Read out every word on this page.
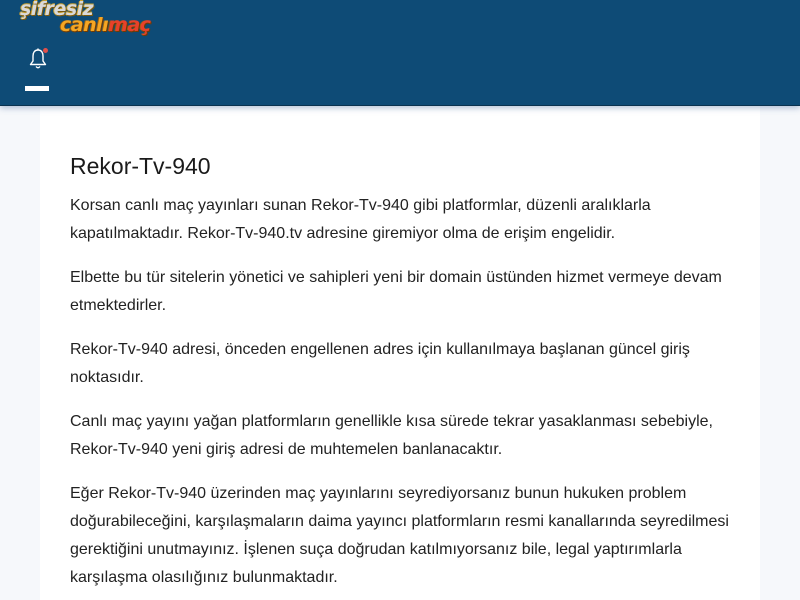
şifresiz
canlımaç
Rekor-Tv-940

Korsan canlı maç yayınları sunan Rekor-Tv-940 gibi platformlar, düzenli aralıklarla kapatılmaktadır. Rekor-Tv-940.tv adresine giremiyor olma de erişim engelidir.

Elbette bu tür sitelerin yönetici ve sahipleri yeni bir domain üstünden hizmet vermeye devam etmektedirler.

Rekor-Tv-940 adresi, önceden engellenen adres için kullanılmaya başlanan güncel giriş noktasıdır.

Canlı maç yayını yağan platformların genellikle kısa sürede tekrar yasaklanması sebebiyle, Rekor-Tv-940 yeni giriş adresi de muhtemelen banlanacaktır.

Eğer Rekor-Tv-940 üzerinden maç yayınlarını seyrediyorsanız bunun hukuken problem doğurabileceğini, karşılaşmaların daima yayıncı platformların resmi kanallarında seyredilmesi gerektiğini unutmayınız. İşlenen suça doğrudan katılmıyorsanız bile, legal yaptırımlarla karşılaşma olasılığınız bulunmaktadır.
